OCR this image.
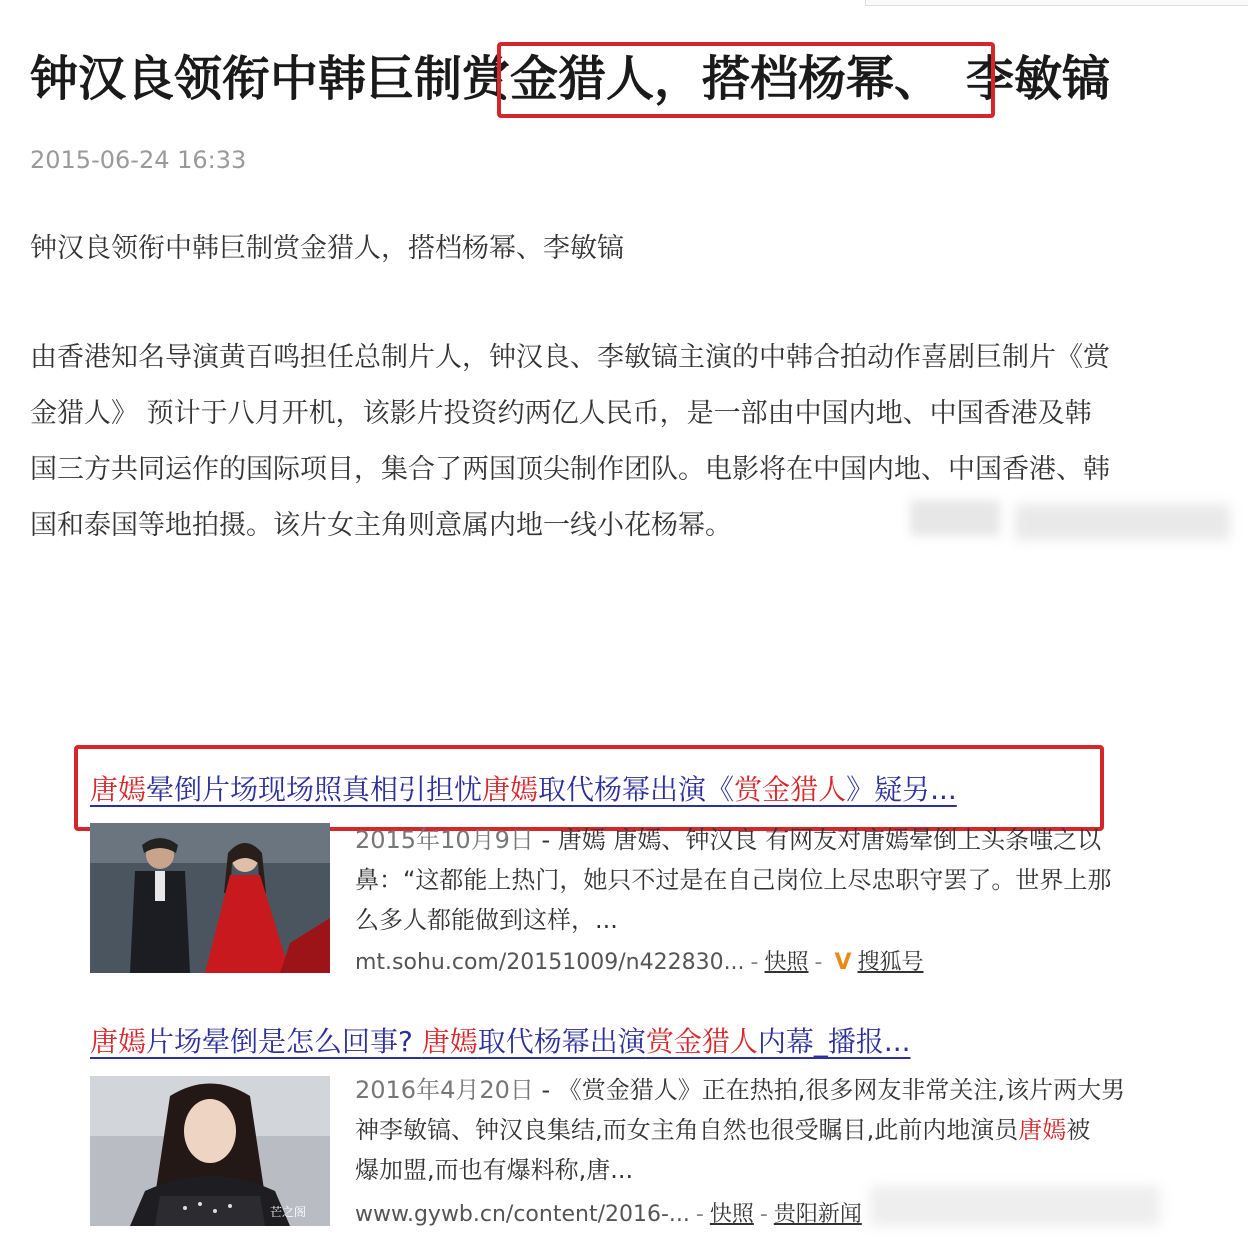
钟汉良领衔中韩巨制赏金猎人，搭档杨幂、 李敏镐
2015-06-24 16:33
钟汉良领衔中韩巨制赏金猎人，搭档杨幂、李敏镐
由香港知名导演黄百鸣担任总制片人，钟汉良、李敏镐主演的中韩合拍动作喜剧巨制片《赏
金猎人》 预计于八月开机，该影片投资约两亿人民币，是一部由中国内地、中国香港及韩
国三方共同运作的国际项目，集合了两国顶尖制作团队。电影将在中国内地、中国香港、韩
国和泰国等地拍摄。该片女主角则意属内地一线小花杨幂。
唐嫣晕倒片场现场照真相引担忧唐嫣取代杨幂出演《赏金猎人》疑另...
2015年10月9日 - 唐嫣 唐嫣、钟汉良 有网友对唐嫣晕倒上头条嗤之以
鼻：“这都能上热门，她只不过是在自己岗位上尽忠职守罢了。世界上那
么多人都能做到这样，...
mt.sohu.com/20151009/n422830... - 快照 - V 搜狐号
唐嫣片场晕倒是怎么回事? 唐嫣取代杨幂出演赏金猎人内幕_播报...
芒之阁
2016年4月20日 - 《赏金猎人》正在热拍,很多网友非常关注,该片两大男
神李敏镐、钟汉良集结,而女主角自然也很受瞩目,此前内地演员唐嫣被
爆加盟,而也有爆料称,唐...
www.gywb.cn/content/2016-... - 快照 - 贵阳新闻
